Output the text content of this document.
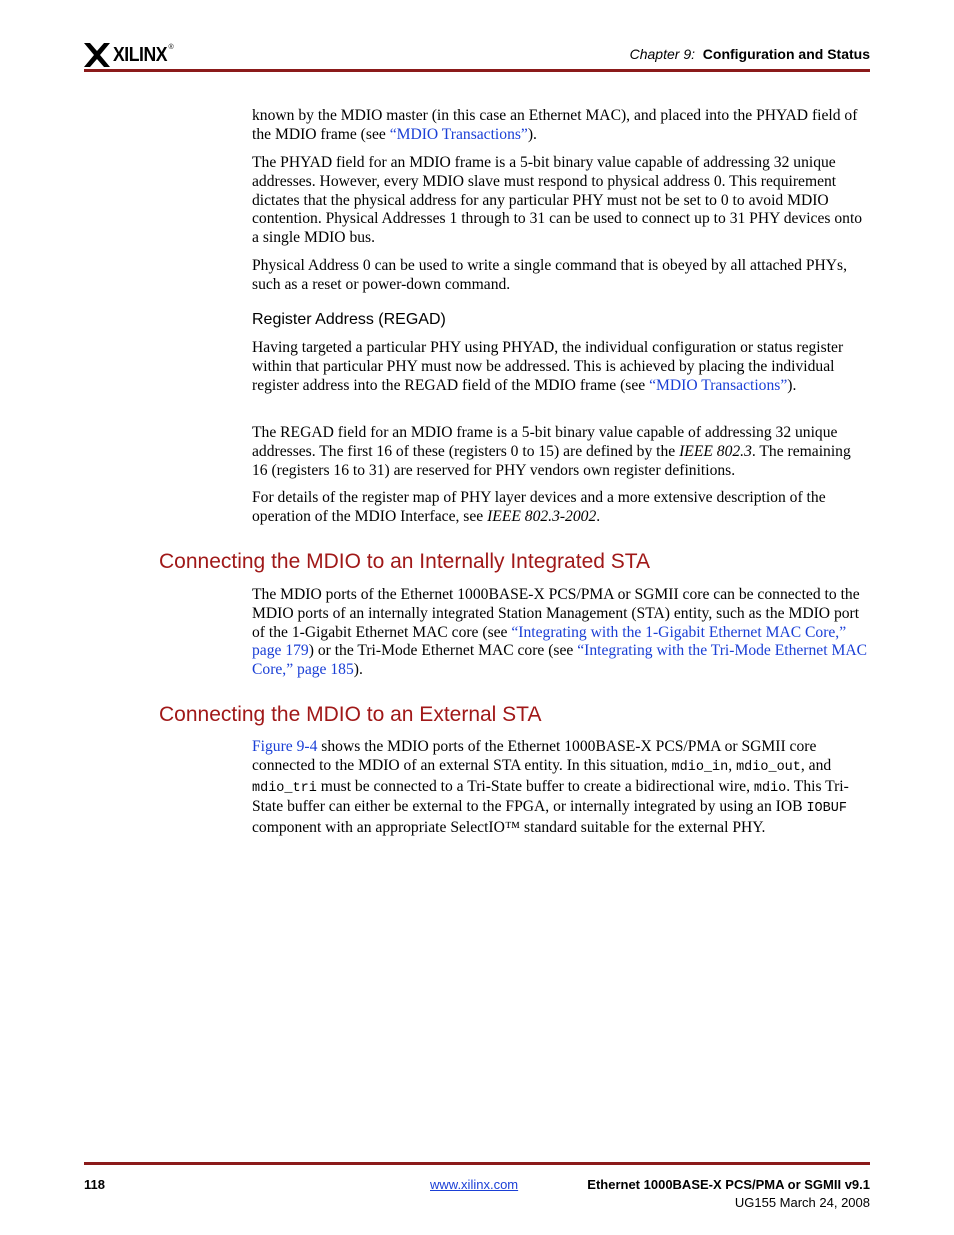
XILINX ®	Chapter 9: Configuration and Status

known by the MDIO master (in this case an Ethernet MAC), and placed into the PHYAD field of the MDIO frame (see “MDIO Transactions”).

The PHYAD field for an MDIO frame is a 5-bit binary value capable of addressing 32 unique addresses. However, every MDIO slave must respond to physical address 0. This requirement dictates that the physical address for any particular PHY must not be set to 0 to avoid MDIO contention. Physical Addresses 1 through to 31 can be used to connect up to 31 PHY devices onto a single MDIO bus.

Physical Address 0 can be used to write a single command that is obeyed by all attached PHYs, such as a reset or power-down command.

Register Address (REGAD)

Having targeted a particular PHY using PHYAD, the individual configuration or status register within that particular PHY must now be addressed. This is achieved by placing the individual register address into the REGAD field of the MDIO frame (see “MDIO Transactions”).

The REGAD field for an MDIO frame is a 5-bit binary value capable of addressing 32 unique addresses. The first 16 of these (registers 0 to 15) are defined by the IEEE 802.3. The remaining 16 (registers 16 to 31) are reserved for PHY vendors own register definitions.

For details of the register map of PHY layer devices and a more extensive description of the operation of the MDIO Interface, see IEEE 802.3-2002.

Connecting the MDIO to an Internally Integrated STA

The MDIO ports of the Ethernet 1000BASE-X PCS/PMA or SGMII core can be connected to the MDIO ports of an internally integrated Station Management (STA) entity, such as the MDIO port of the 1-Gigabit Ethernet MAC core (see “Integrating with the 1-Gigabit Ethernet MAC Core,” page 179) or the Tri-Mode Ethernet MAC core (see “Integrating with the Tri-Mode Ethernet MAC Core,” page 185).

Connecting the MDIO to an External STA

Figure 9-4 shows the MDIO ports of the Ethernet 1000BASE-X PCS/PMA or SGMII core connected to the MDIO of an external STA entity. In this situation, mdio_in, mdio_out, and mdio_tri must be connected to a Tri-State buffer to create a bidirectional wire, mdio. This Tri-State buffer can either be external to the FPGA, or internally integrated by using an IOB IOBUF component with an appropriate SelectIO™ standard suitable for the external PHY.

118	www.xilinx.com	Ethernet 1000BASE-X PCS/PMA or SGMII v9.1
UG155 March 24, 2008
